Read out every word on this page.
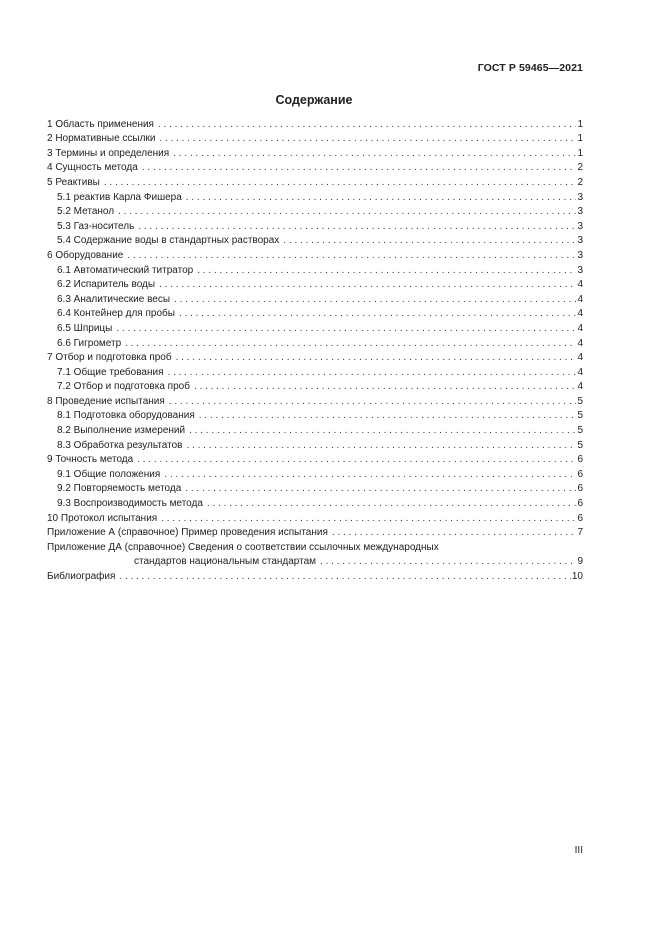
ГОСТ Р 59465—2021
Содержание
1 Область применения . . .	1
2 Нормативные ссылки . . .	1
3 Термины и определения . . .	1
4 Сущность метода . . .	2
5 Реактивы . . .	2
5.1 реактив Карла Фишера . . .	3
5.2 Метанол . . .	3
5.3 Газ-носитель . . .	3
5.4 Содержание воды в стандартных растворах . . .	3
6 Оборудование . . .	3
6.1 Автоматический титратор . . .	3
6.2 Испаритель воды . . .	4
6.3 Аналитические весы . . .	4
6.4 Контейнер для пробы . . .	4
6.5 Шприцы . . .	4
6.6 Гигрометр . . .	4
7 Отбор и подготовка проб . . .	4
7.1 Общие требования . . .	4
7.2 Отбор и подготовка проб . . .	4
8 Проведение испытания . . .	5
8.1 Подготовка оборудования . . .	5
8.2 Выполнение измерений . . .	5
8.3 Обработка результатов . . .	5
9 Точность метода . . .	6
9.1 Общие положения . . .	6
9.2 Повторяемость метода . . .	6
9.3 Воспроизводимость метода . . .	6
10 Протокол испытания . . .	6
Приложение А (справочное) Пример проведения испытания . . .	7
Приложение ДА (справочное) Сведения о соответствии ссылочных международных
стандартов национальным стандартам . . .	9
Библиография . . .	10
III
